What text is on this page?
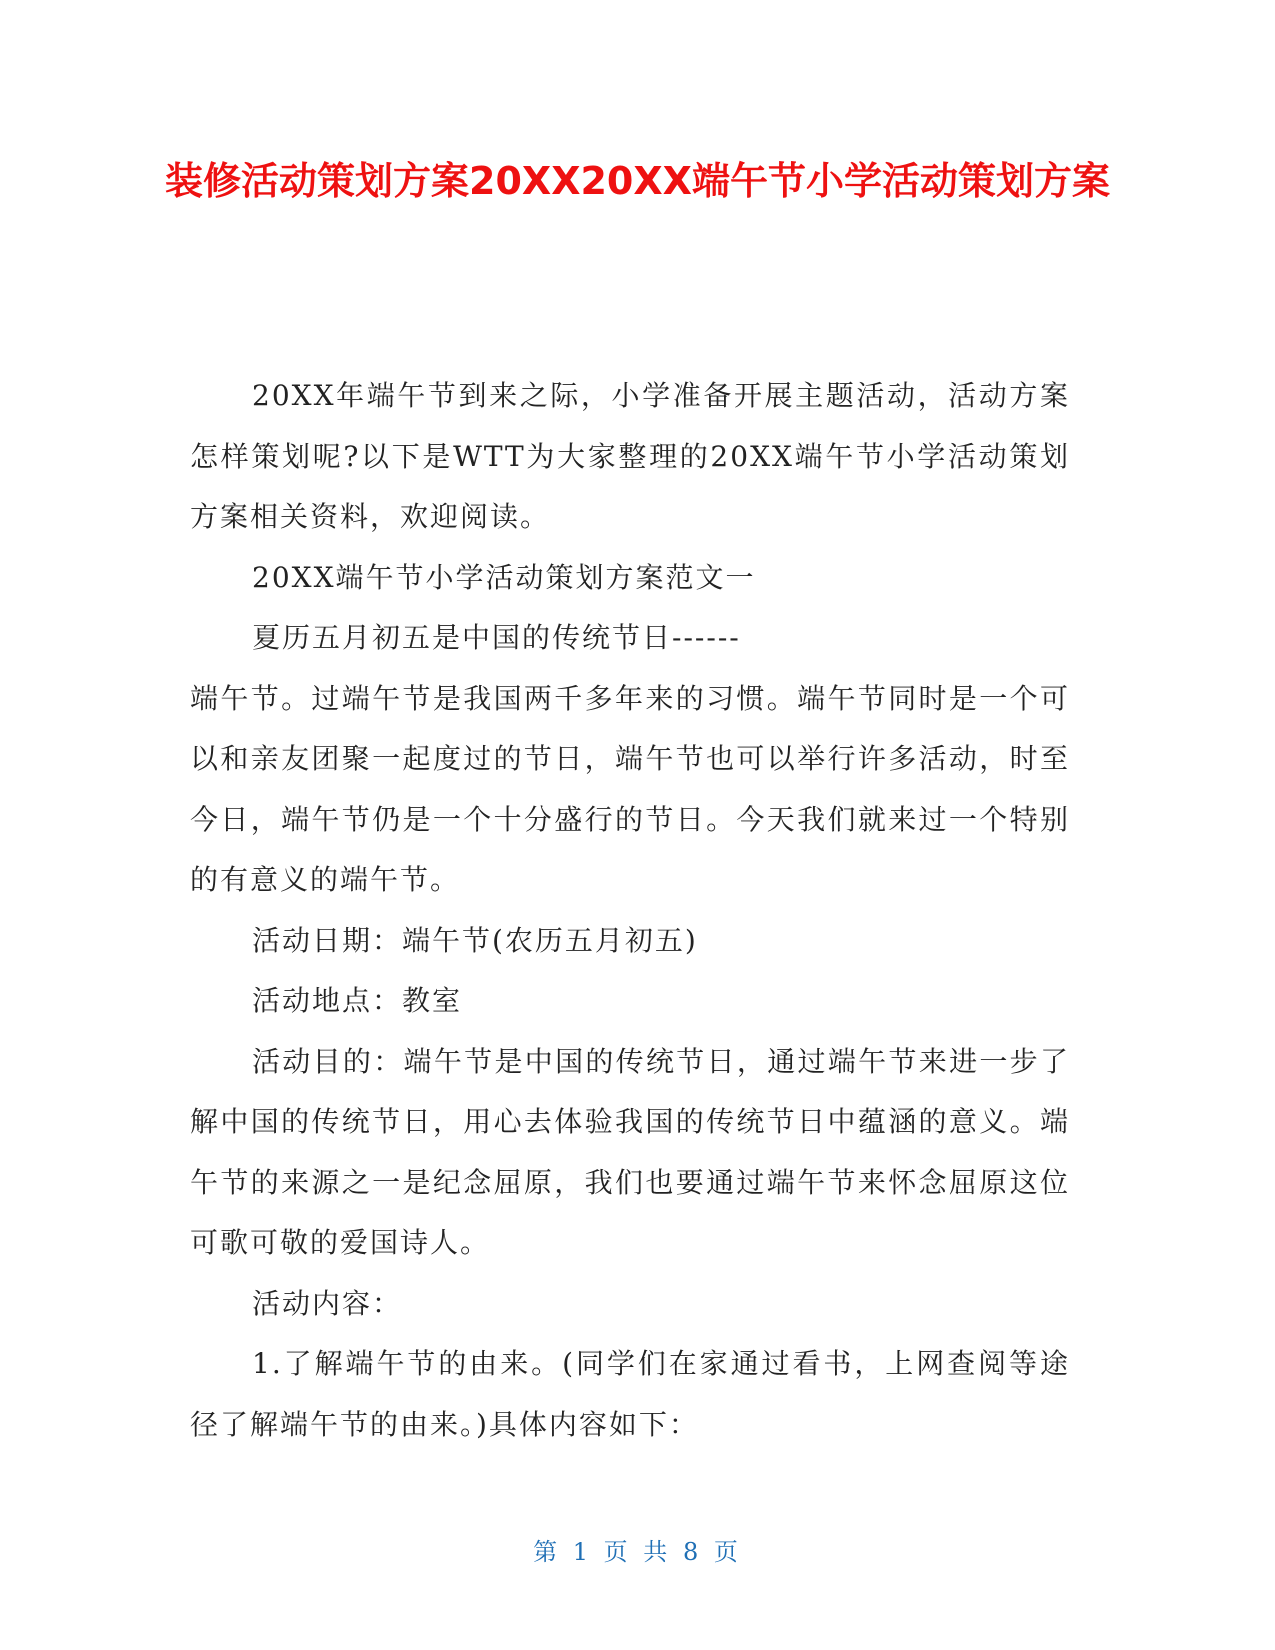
装修活动策划方案20XX20XX端午节小学活动策划方案

20XX年端午节到来之际，小学准备开展主题活动，活动方案怎样策划呢?以下是WTT为大家整理的20XX端午节小学活动策划方案相关资料，欢迎阅读。

20XX端午节小学活动策划方案范文一

夏历五月初五是中国的传统节日------

端午节。过端午节是我国两千多年来的习惯。端午节同时是一个可以和亲友团聚一起度过的节日，端午节也可以举行许多活动，时至今日，端午节仍是一个十分盛行的节日。今天我们就来过一个特别的有意义的端午节。

活动日期：端午节(农历五月初五)

活动地点：教室

活动目的：端午节是中国的传统节日，通过端午节来进一步了解中国的传统节日，用心去体验我国的传统节日中蕴涵的意义。端午节的来源之一是纪念屈原，我们也要通过端午节来怀念屈原这位可歌可敬的爱国诗人。

活动内容：

1.了解端午节的由来。(同学们在家通过看书，上网查阅等途径了解端午节的由来。)具体内容如下：

第 1 页 共 8 页
